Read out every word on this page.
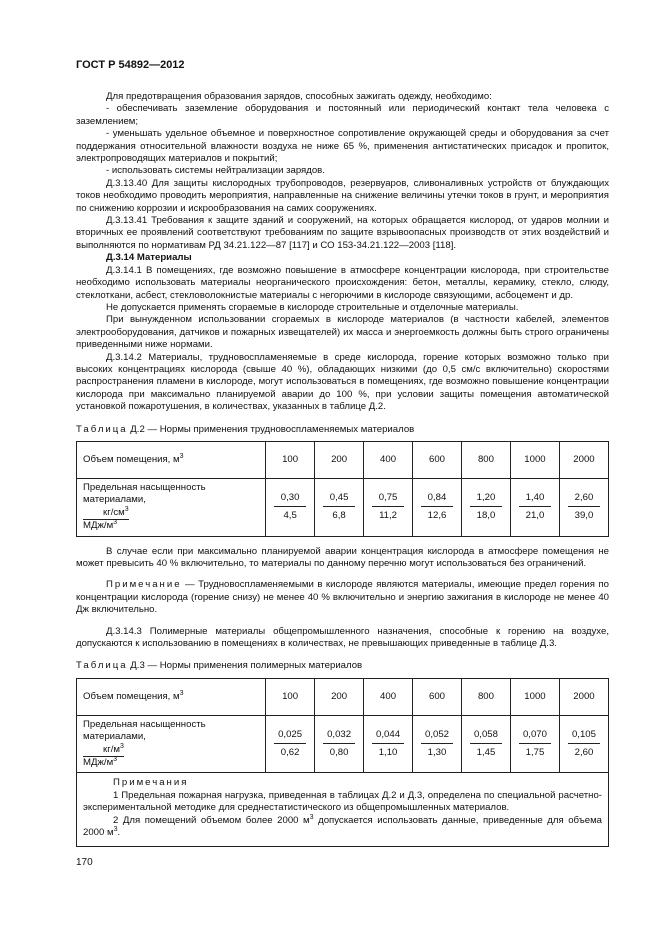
ГОСТ Р 54892—2012

Для предотвращения образования зарядов, способных зажигать одежду, необходимо:

- обеспечивать заземление оборудования и постоянный или периодический контакт тела человека с заземлением;

- уменьшать удельное объемное и поверхностное сопротивление окружающей среды и оборудования за счет поддержания относительной влажности воздуха не ниже 65 %, применения антистатических присадок и пропиток, электропроводящих материалов и покрытий;

- использовать системы нейтрализации зарядов.

Д.3.13.40 Для защиты кислородных трубопроводов, резервуаров, сливоналивных устройств от блуждающих токов необходимо проводить мероприятия, направленные на снижение величины утечки токов в грунт, и мероприятия по снижению коррозии и искрообразования на самих сооружениях.

Д.3.13.41 Требования к защите зданий и сооружений, на которых обращается кислород, от ударов молнии и вторичных ее проявлений соответствуют требованиям по защите взрывоопасных производств от этих воздействий и выполняются по нормативам РД 34.21.122—87 [117] и СО 153-34.21.122—2003 [118].

Д.3.14 Материалы

Д.3.14.1 В помещениях, где возможно повышение в атмосфере концентрации кислорода, при строительстве необходимо использовать материалы неорганического происхождения: бетон, металлы, керамику, стекло, слюду, стеклоткани, асбест, стекловолокнистые материалы с негорючими в кислороде связующими, асбоцемент и др.

Не допускается применять сгораемые в кислороде строительные и отделочные материалы.

При вынужденном использовании сгораемых в кислороде материалов (в частности кабелей, элементов электрооборудования, датчиков и пожарных извещателей) их масса и энергоемкость должны быть строго ограничены приведенными ниже нормами.

Д.3.14.2 Материалы, трудновоспламеняемые в среде кислорода, горение которых возможно только при высоких концентрациях кислорода (свыше 40 %), обладающих низкими (до 0,5 см/с включительно) скоростями распространения пламени в кислороде, могут использоваться в помещениях, где возможно повышение концентрации кислорода при максимально планируемой аварии до 100 %, при условии защиты помещения автоматической установкой пожаротушения, в количествах, указанных в таблице Д.2.

Таблица Д.2 — Нормы применения трудновоспламеняемых материалов

Объем помещения, $м^3$	100	200	400	600	800	1000	2000
Предельная насыщенность материалами,
$кг/см^3$
МДж/$м^3$	$\frac{0,30}{4,5}$	$\frac{0,45}{6,8}$	$\frac{0,75}{11,2}$	$\frac{0,84}{12,6}$	$\frac{1,20}{18,0}$	$\frac{1,40}{21,0}$	$\frac{2,60}{39,0}$

В случае если при максимально планируемой аварии концентрация кислорода в атмосфере помещения не может превысить 40 % включительно, то материалы по данному перечню могут использоваться без ограничений.

Примечание — Трудновоспламеняемыми в кислороде являются материалы, имеющие предел горения по концентрации кислорода (горение снизу) не менее 40 % включительно и энергию зажигания в кислороде не менее 40 Дж включительно.

Д.3.14.3 Полимерные материалы общепромышленного назначения, способные к горению на воздухе, допускаются к использованию в помещениях в количествах, не превышающих приведенные в таблице Д.3.

Таблица Д.3 — Нормы применения полимерных материалов

Объем помещения, $м^3$	100	200	400	600	800	1000	2000
Предельная насыщенность материалами,
$кг/м^3$
МДж/$м^3$	$\frac{0,025}{0,62}$	$\frac{0,032}{0,80}$	$\frac{0,044}{1,10}$	$\frac{0,052}{1,30}$	$\frac{0,058}{1,45}$	$\frac{0,070}{1,75}$	$\frac{0,105}{2,60}$

Примечания

1 Предельная пожарная нагрузка, приведенная в таблицах Д.2 и Д.3, определена по специальной расчетно-экспериментальной методике для среднестатистического из общепромышленных материалов.

2 Для помещений объемом более 2000 $м^3$ допускается использовать данные, приведенные для объема 2000 $м^3$.							

170
